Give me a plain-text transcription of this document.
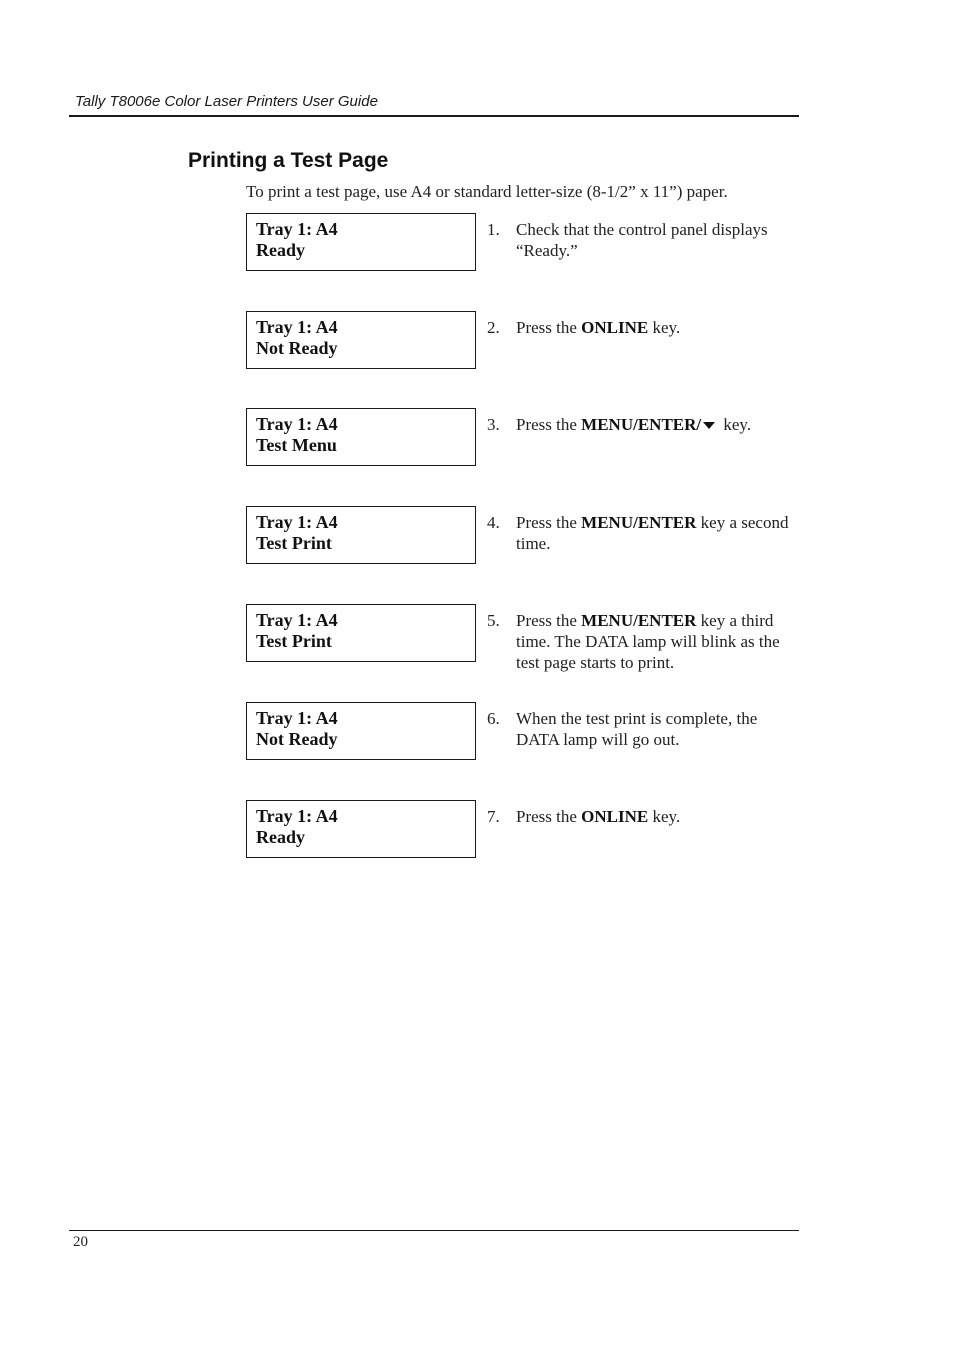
Tally T8006e Color Laser Printers User Guide
Printing a Test Page

To print a test page, use A4 or standard letter-size (8-1/2” x 11”) paper.

Tray 1: A4
Ready
1. Check that the control panel displays “Ready.”

Tray 1: A4
Not Ready
2. Press the ONLINE key.

Tray 1: A4
Test Menu
3. Press the MENU/ENTER/ key.

Tray 1: A4
Test Print
4. Press the MENU/ENTER key a second time.

Tray 1: A4
Test Print
5. Press the MENU/ENTER key a third time. The DATA lamp will blink as the test page starts to print.

Tray 1: A4
Not Ready
6. When the test print is complete, the DATA lamp will go out.

Tray 1: A4
Ready
7. Press the ONLINE key.

20
